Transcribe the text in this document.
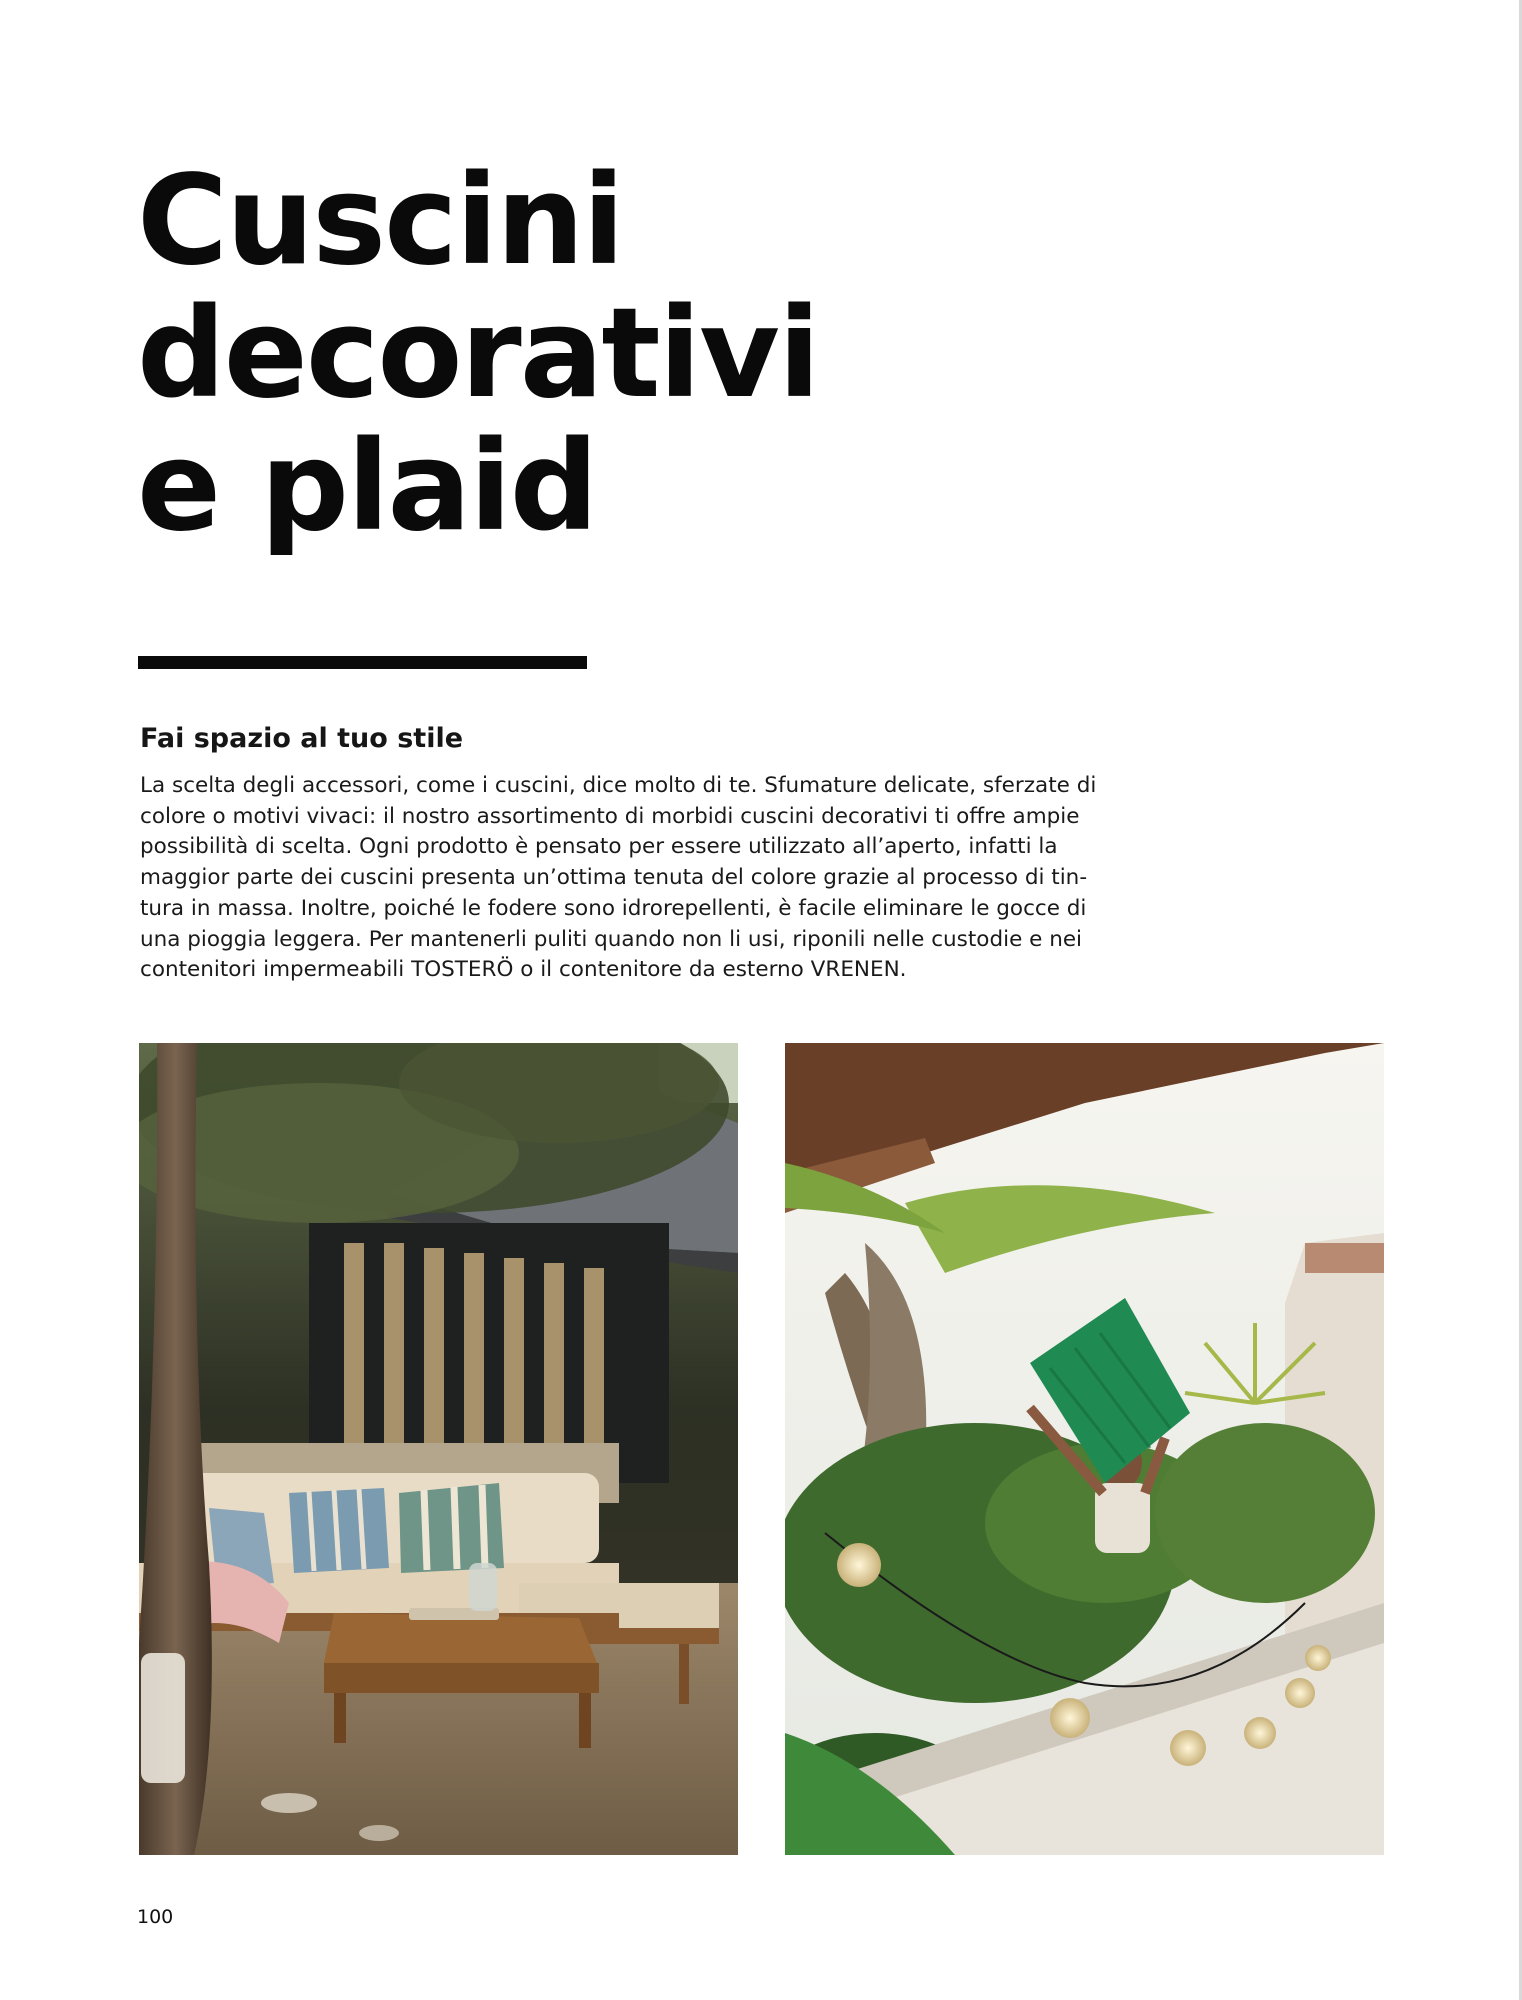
Cuscini
decorativi
e plaid
Fai spazio al tuo stile

La scelta degli accessori, come i cuscini, dice molto di te. Sfumature delicate, sferzate di

colore o motivi vivaci: il nostro assortimento di morbidi cuscini decorativi ti offre ampie

possibilità di scelta. Ogni prodotto è pensato per essere utilizzato all’aperto, infatti la

maggior parte dei cuscini presenta un’ottima tenuta del colore grazie al processo di tin-

tura in massa. Inoltre, poiché le fodere sono idrorepellenti, è facile eliminare le gocce di

una pioggia leggera. Per mantenerli puliti quando non li usi, riponili nelle custodie e nei

contenitori impermeabili TOSTERÖ o il contenitore da esterno VRENEN.

100
